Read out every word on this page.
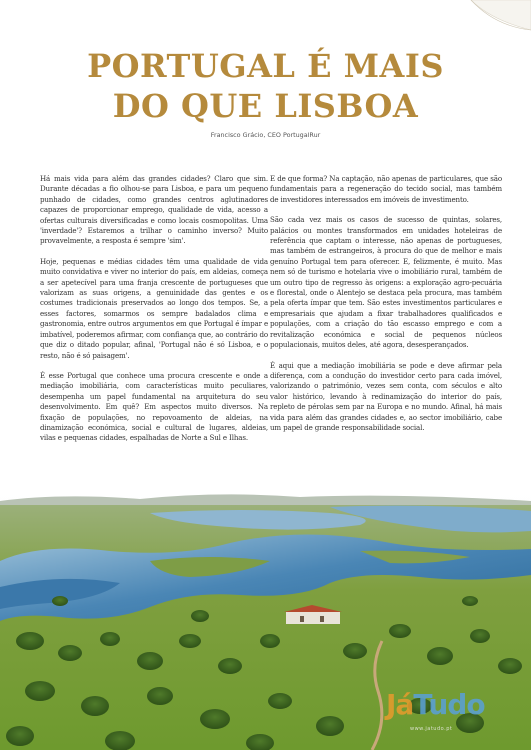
PORTUGAL É MAIS
DO QUE LISBOA
Francisco Grácio, CEO PortugalRur

Há mais vida para além das grandes cidades? Claro que sim. Durante décadas a fio olhou-se para Lisboa, e para um pequeno punhado de cidades, como grandes centros aglutinadores capazes de proporcionar emprego, qualidade de vida, acesso a ofertas culturais diversificadas e como locais cosmopolitas. Uma 'inverdade'? Estaremos a trilhar o caminho inverso? Muito provavelmente, a resposta é sempre 'sim'.

Hoje, pequenas e médias cidades têm uma qualidade de vida muito convidativa e viver no interior do país, em aldeias, começa a ser apetecível para uma franja crescente de portugueses que valorizam as suas origens, a genuinidade das gentes e os costumes tradicionais preservados ao longo dos tempos. Se, a esses factores, somarmos os sempre badalados clima e gastronomia, entre outros argumentos em que Portugal é ímpar e imbatível, poderemos afirmar, com confiança que, ao contrário do que diz o ditado popular, afinal, 'Portugal não é só Lisboa, e o resto, não é só paisagem'.

É esse Portugal que conhece uma procura crescente e onde a mediação imobiliária, com características muito peculiares, desempenha um papel fundamental na arquitetura do seu desenvolvimento. Em quê? Em aspectos muito diversos. Na fixação de populações, no repovoamento de aldeias, na dinamização económica, social e cultural de lugares, aldeias, vilas e pequenas cidades, espalhadas de Norte a Sul e Ilhas.

E de que forma? Na captação, não apenas de particulares, que são fundamentais para a regeneração do tecido social, mas também de investidores interessados em imóveis de investimento.

São cada vez mais os casos de sucesso de quintas, solares, palácios ou montes transformados em unidades hoteleiras de referência que captam o interesse, não apenas de portugueses, mas também de estrangeiros, à procura do que de melhor e mais genuíno Portugal tem para oferecer. E, felizmente, é muito. Mas nem só de turismo e hotelaria vive o imobiliário rural, também de um outro tipo de regresso às origens: a exploração agro-pecuária e florestal, onde o Alentejo se destaca pela procura, mas também pela oferta ímpar que tem. São estes investimentos particulares e empresariais que ajudam a fixar trabalhadores qualificados e populações, com a criação do tão escasso emprego e com a revitalização económica e social de pequenos núcleos populacionais, muitos deles, até agora, desesperançados.

É aqui que a mediação imobiliária se pode e deve afirmar pela diferença, com a condução do investidor certo para cada imóvel, valorizando o património, vezes sem conta, com séculos e alto valor histórico, levando à redinamização do interior do país, repleto de pérolas sem par na Europa e no mundo. Afinal, há mais vida para além das grandes cidades e, ao sector imobiliário, cabe um papel de grande responsabilidade social.

JáTudo
www.jatudo.pt
